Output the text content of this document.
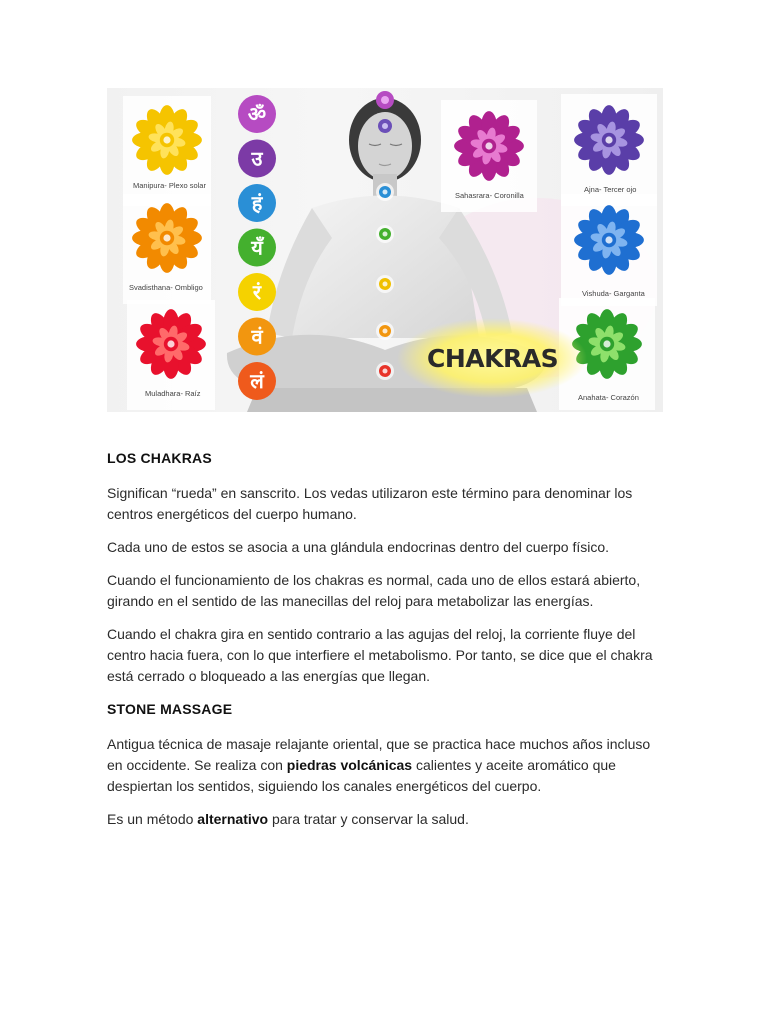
Manipura- Plexo solar
Svadisthana- Ombligo
Muladhara- Raíz
Sahasrara- Coronilla
Ajna- Tercer ojo
Vishuda- Garganta
Anahata- Corazón
ॐ
उ
हं
यँ
रं
वं
लं
CHAKRAS
LOS CHAKRAS

Significan “rueda” en sanscrito. Los vedas utilizaron este término para denominar los centros energéticos del cuerpo humano.

Cada uno de estos se asocia a una glándula endocrinas dentro del cuerpo físico.

Cuando el funcionamiento de los chakras es normal, cada uno de ellos estará abierto, girando en el sentido de las manecillas del reloj para metabolizar las energías.

Cuando el chakra gira en sentido contrario a las agujas del reloj, la corriente fluye del centro hacia fuera, con lo que interfiere el metabolismo. Por tanto, se dice que el chakra está cerrado o bloqueado a las energías que llegan.

STONE MASSAGE

Antigua técnica de masaje relajante oriental, que se practica hace muchos años incluso en occidente. Se realiza con piedras volcánicas calientes y aceite aromático que despiertan los sentidos, siguiendo los canales energéticos del cuerpo.

Es un método alternativo para tratar y conservar la salud.
